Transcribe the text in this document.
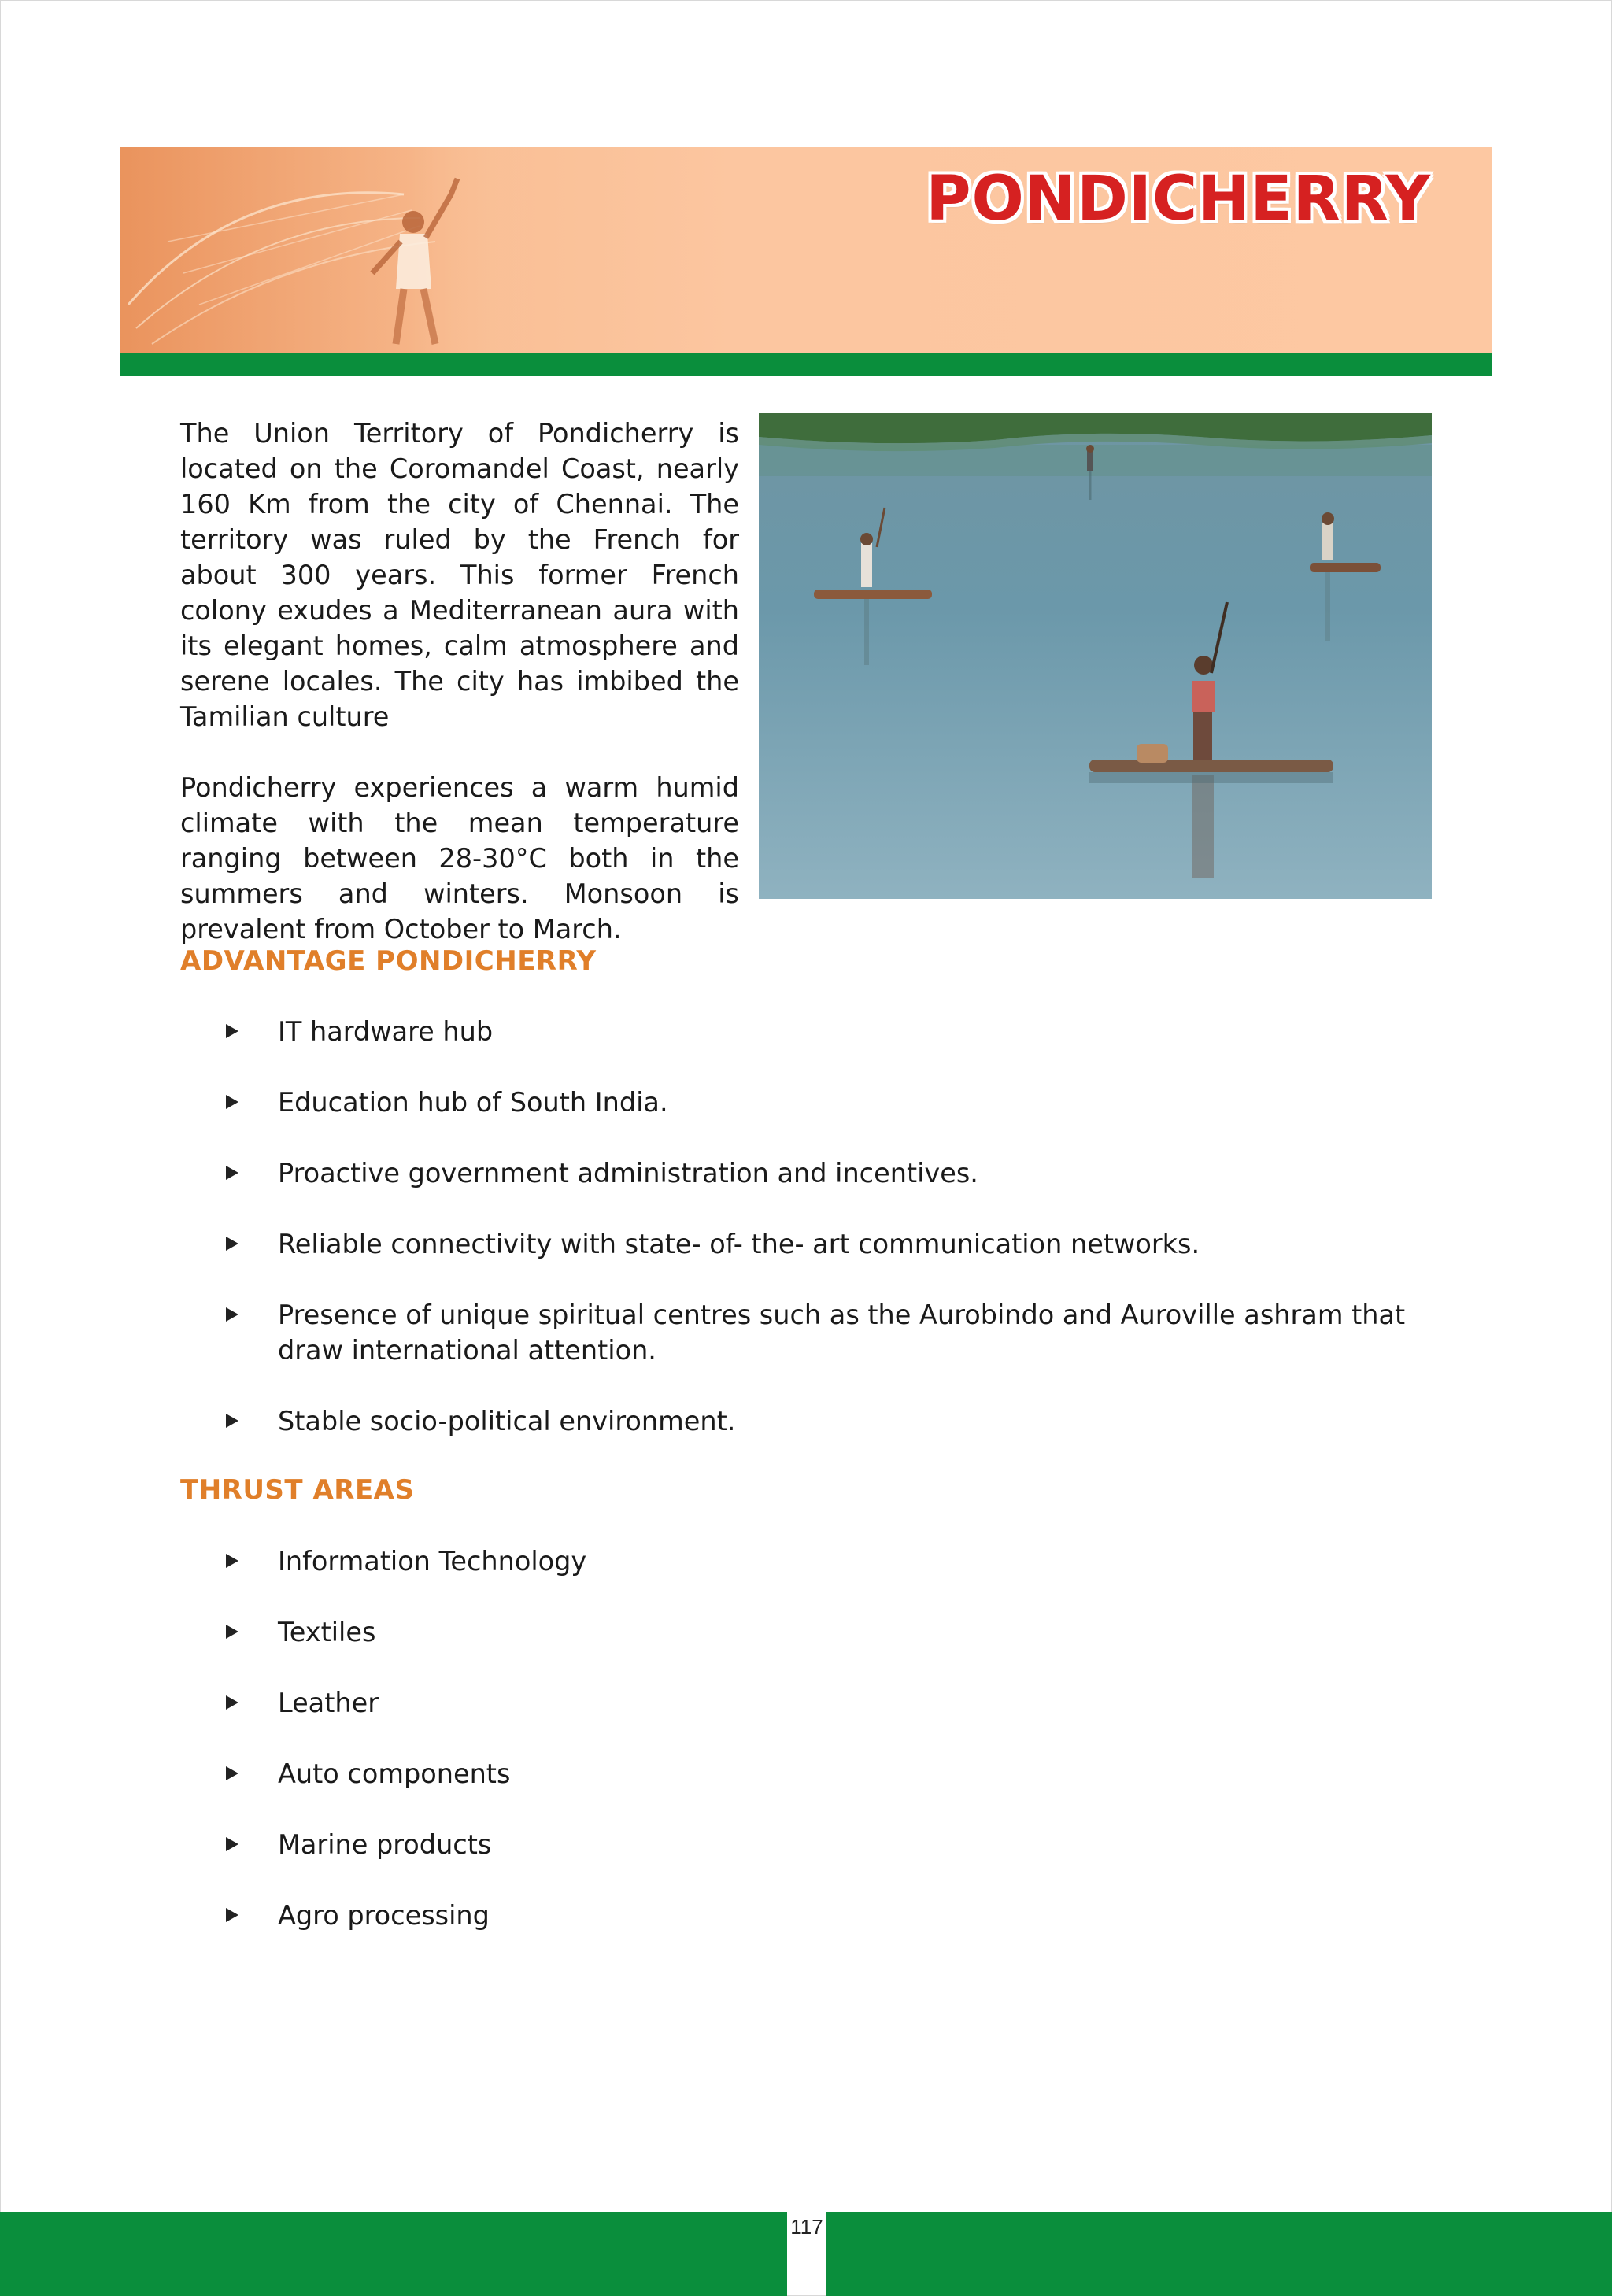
PONDICHERRY

The Union Territory of Pondicherry is located on the Coromandel Coast, nearly 160 Km from the city of Chennai. The territory was ruled by the French for about 300 years. This former French colony exudes a Mediterranean aura with its elegant homes, calm atmosphere and serene locales. The city has imbibed the Tamilian culture

Pondicherry experiences a warm humid climate with the mean temperature ranging between 28-30°C both in the summers and winters. Monsoon is prevalent from October to March.

ADVANTAGE PONDICHERRY
IT hardware hub
Education hub of South India.
Proactive government administration and incentives.
Reliable connectivity with state- of- the- art communication networks.
Presence of unique spiritual centres such as the Aurobindo and Auroville ashram that draw international attention.
Stable socio-political environment.
THRUST AREAS
Information Technology
Textiles
Leather
Auto components
Marine products
Agro processing
117
